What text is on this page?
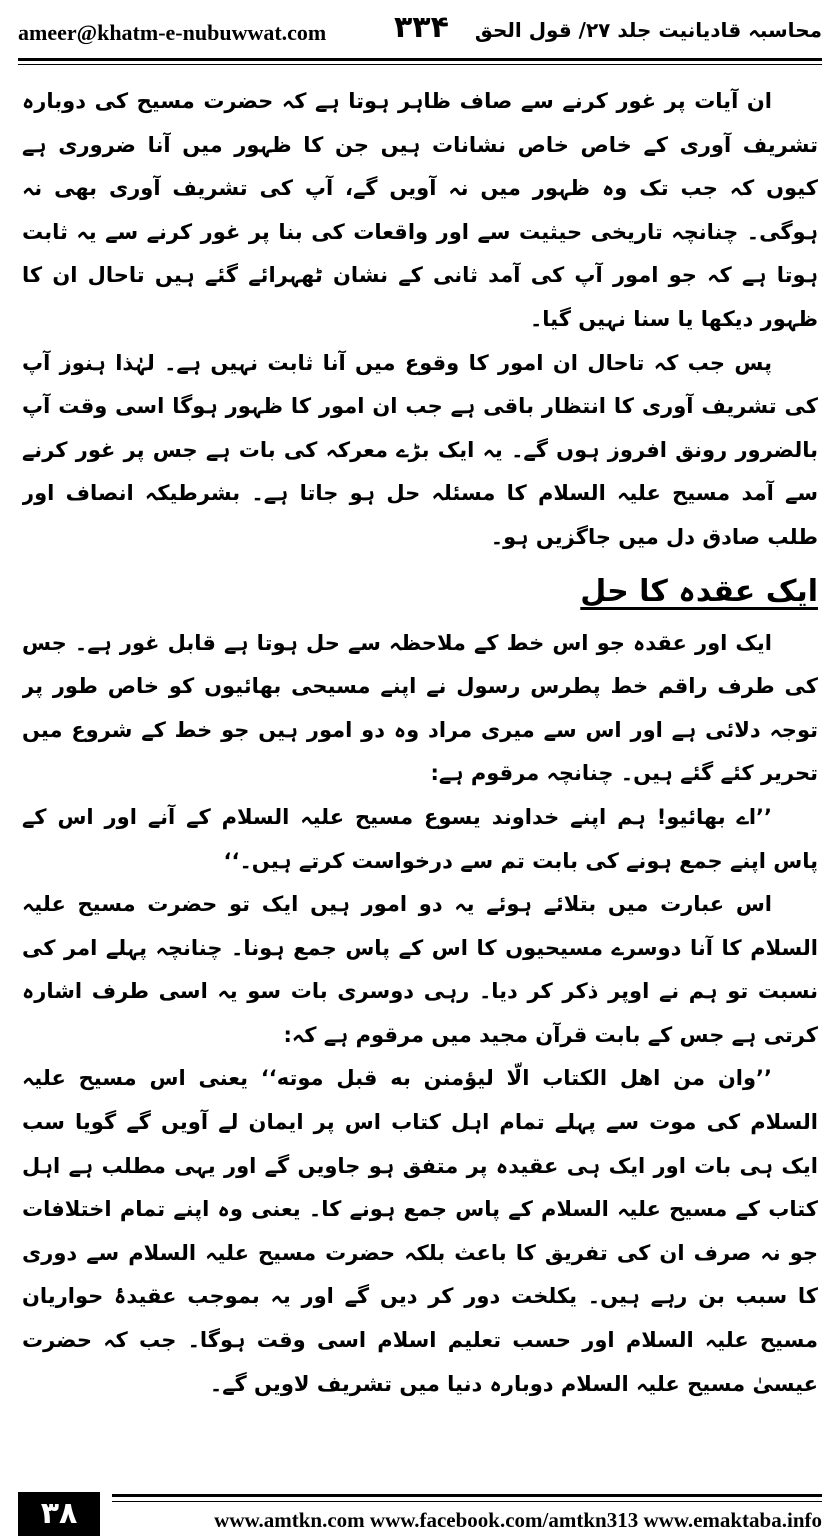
ameer@khatm-e-nubuwwat.com ۳۳۴ محاسبہ قادیانیت جلد ۲۷/ قول الحق

ان آیات پر غور کرنے سے صاف ظاہر ہوتا ہے کہ حضرت مسیح کی دوبارہ تشریف آوری کے خاص خاص نشانات ہیں جن کا ظہور میں آنا ضروری ہے کیوں کہ جب تک وہ ظہور میں نہ آویں گے، آپ کی تشریف آوری بھی نہ ہوگی۔ چنانچہ تاریخی حیثیت سے اور واقعات کی بنا پر غور کرنے سے یہ ثابت ہوتا ہے کہ جو امور آپ کی آمد ثانی کے نشان ٹھہرائے گئے ہیں تاحال ان کا ظہور دیکھا یا سنا نہیں گیا۔

پس جب کہ تاحال ان امور کا وقوع میں آنا ثابت نہیں ہے۔ لہٰذا ہنوز آپ کی تشریف آوری کا انتظار باقی ہے جب ان امور کا ظہور ہوگا اسی وقت آپ بالضرور رونق افروز ہوں گے۔ یہ ایک بڑے معرکہ کی بات ہے جس پر غور کرنے سے آمد مسیح علیہ السلام کا مسئلہ حل ہو جاتا ہے۔ بشرطیکہ انصاف اور طلب صادق دل میں جاگزیں ہو۔

ایک عقدہ کا حل

ایک اور عقدہ جو اس خط کے ملاحظہ سے حل ہوتا ہے قابل غور ہے۔ جس کی طرف راقم خط پطرس رسول نے اپنے مسیحی بھائیوں کو خاص طور پر توجہ دلائی ہے اور اس سے میری مراد وہ دو امور ہیں جو خط کے شروع میں تحریر کئے گئے ہیں۔ چنانچہ مرقوم ہے:

’’اے بھائیو! ہم اپنے خداوند یسوع مسیح علیہ السلام کے آنے اور اس کے پاس اپنے جمع ہونے کی بابت تم سے درخواست کرتے ہیں۔‘‘

اس عبارت میں بتلائے ہوئے یہ دو امور ہیں ایک تو حضرت مسیح علیہ السلام کا آنا دوسرے مسیحیوں کا اس کے پاس جمع ہونا۔ چنانچہ پہلے امر کی نسبت تو ہم نے اوپر ذکر کر دیا۔ رہی دوسری بات سو یہ اسی طرف اشارہ کرتی ہے جس کے بابت قرآن مجید میں مرقوم ہے کہ:

’’وان من اھل الکتاب الّا لیؤمنن به قبل موته‘‘ یعنی اس مسیح علیہ السلام کی موت سے پہلے تمام اہل کتاب اس پر ایمان لے آویں گے گویا سب ایک ہی بات اور ایک ہی عقیدہ پر متفق ہو جاویں گے اور یہی مطلب ہے اہل کتاب کے مسیح علیہ السلام کے پاس جمع ہونے کا۔ یعنی وہ اپنے تمام اختلافات جو نہ صرف ان کی تفریق کا باعث بلکہ حضرت مسیح علیہ السلام سے دوری کا سبب بن رہے ہیں۔ یکلخت دور کر دیں گے اور یہ بموجب عقیدۂ حواریان مسیح علیہ السلام اور حسب تعلیم اسلام اسی وقت ہوگا۔ جب کہ حضرت عیسیٰ مسیح علیہ السلام دوبارہ دنیا میں تشریف لاویں گے۔

۳۸	www.amtkn.com www.facebook.com/amtkn313 www.emaktaba.info
